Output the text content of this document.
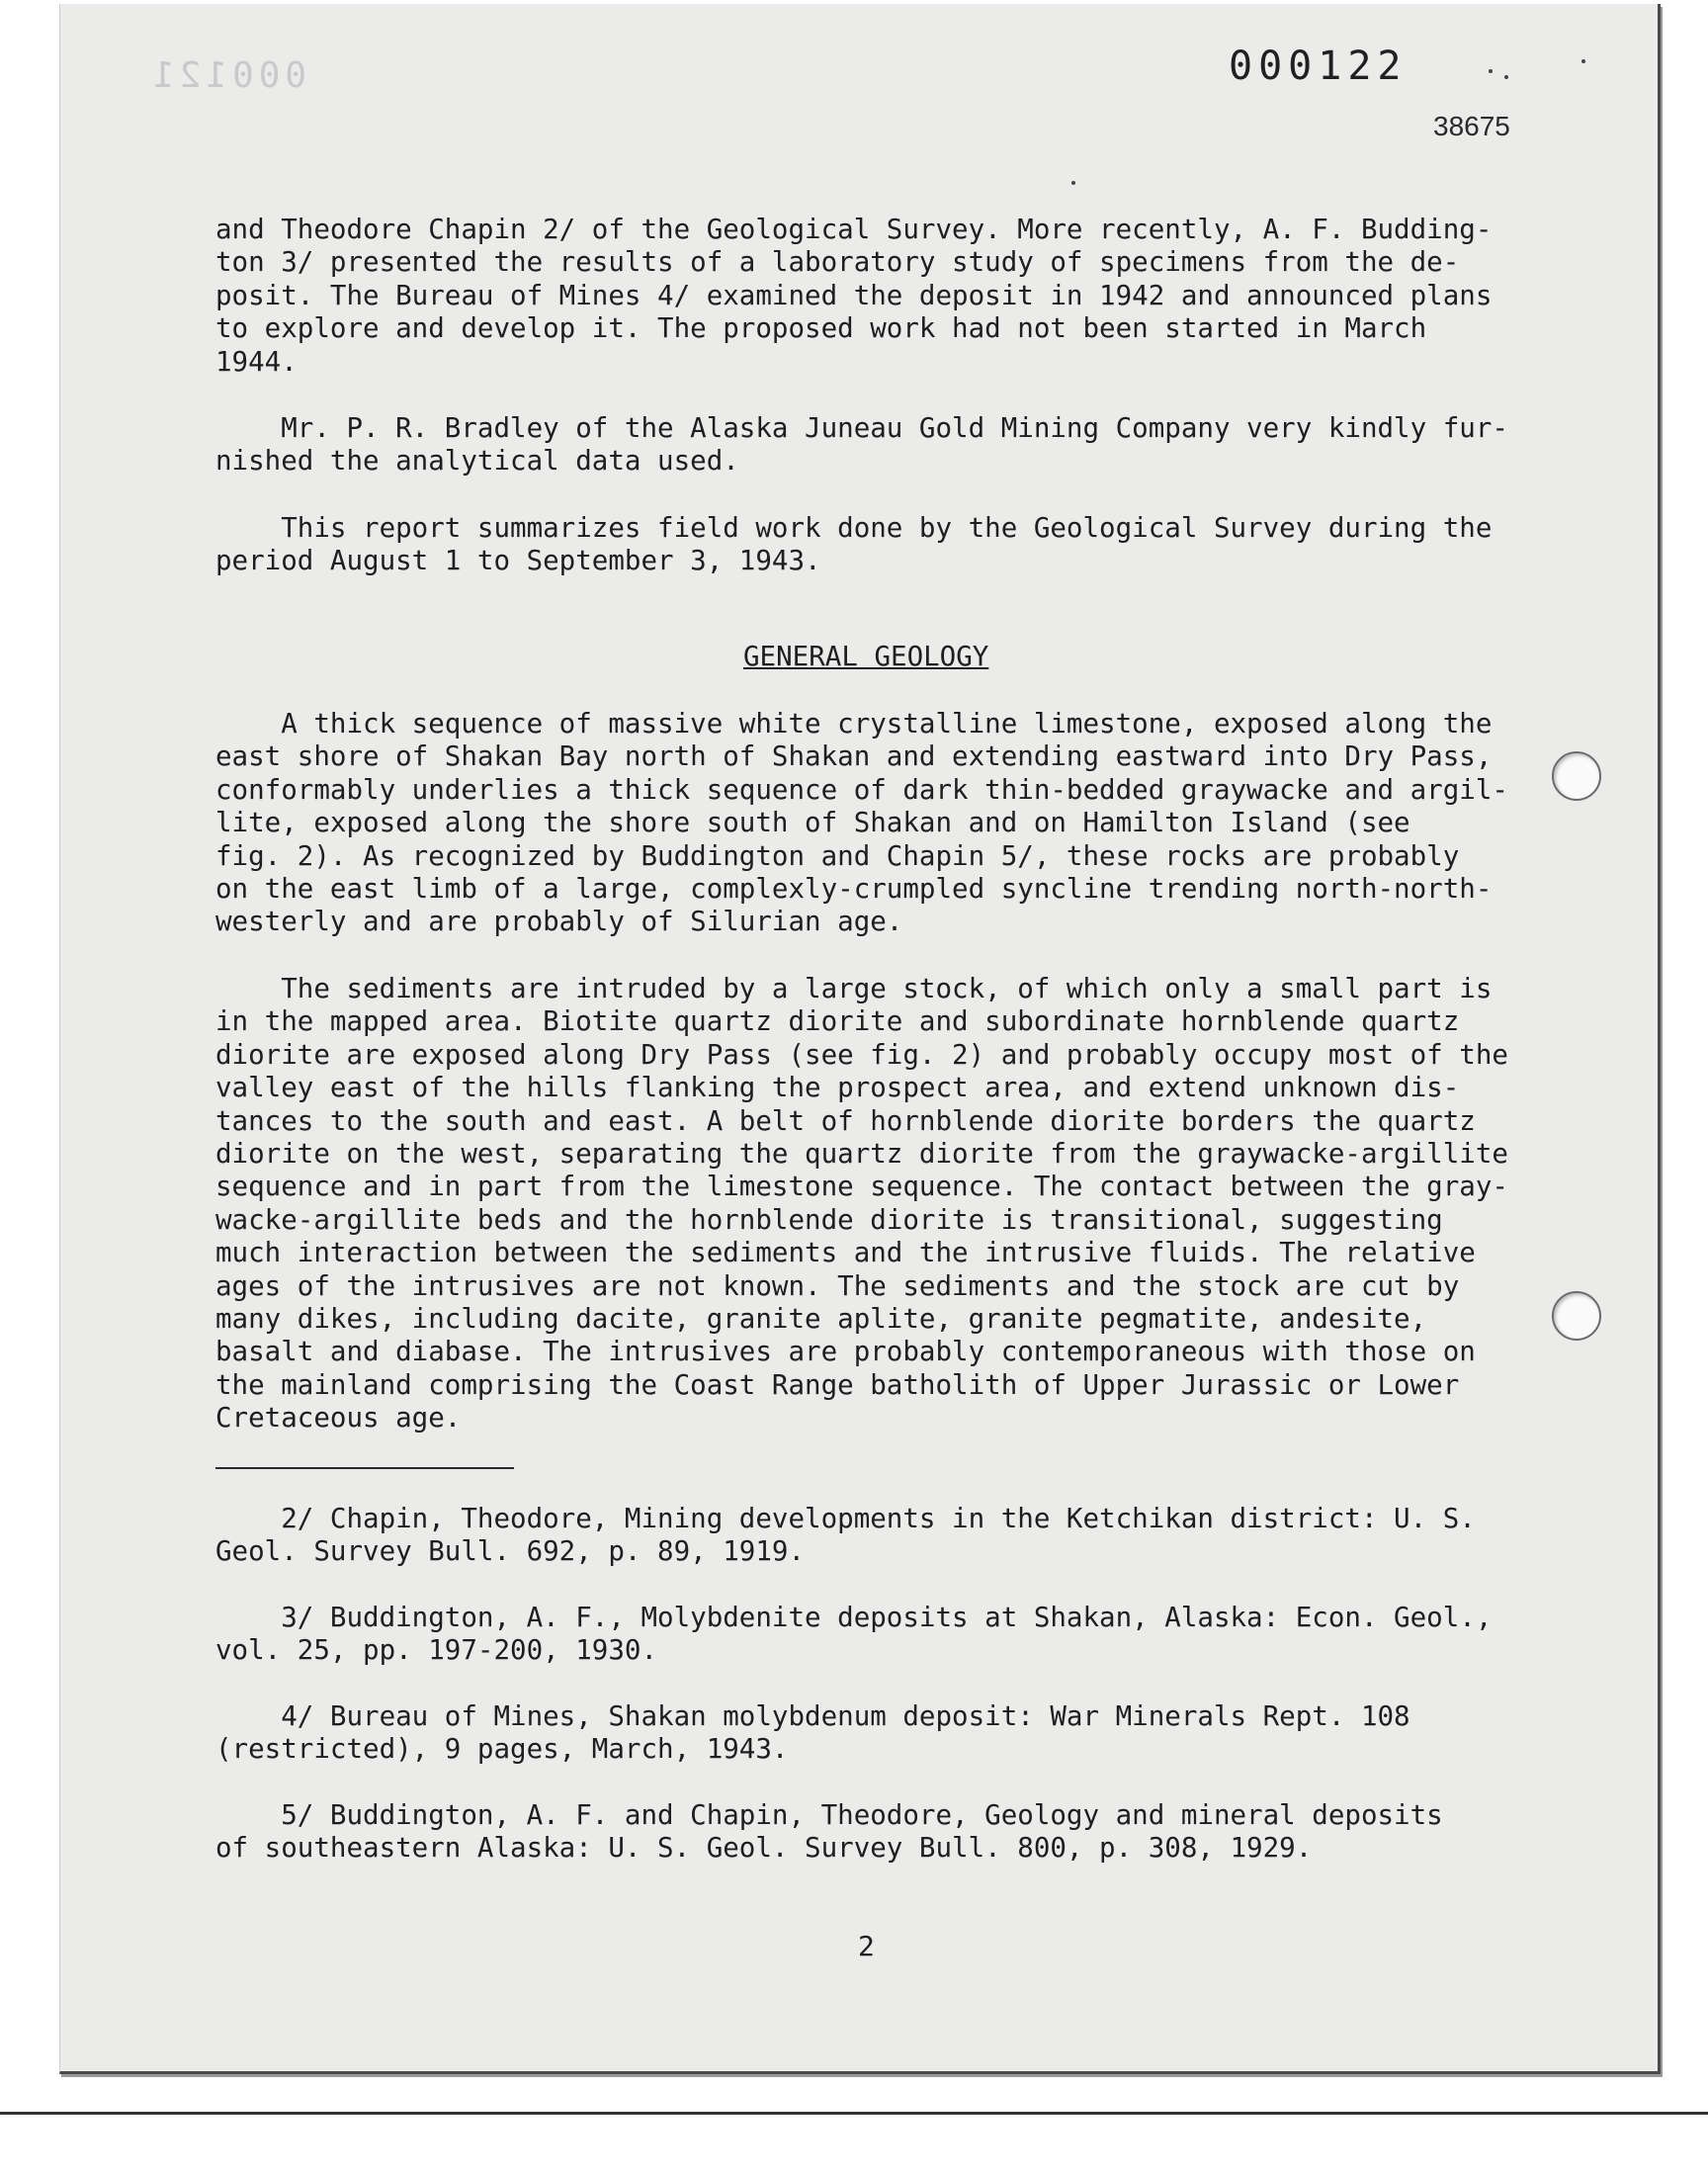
000121	000122
38675
and Theodore Chapin 2/ of the Geological Survey. More recently, A. F. Budding-
ton 3/ presented the results of a laboratory study of specimens from the de-
posit. The Bureau of Mines 4/ examined the deposit in 1942 and announced plans
to explore and develop it. The proposed work had not been started in March
1944.
Mr. P. R. Bradley of the Alaska Juneau Gold Mining Company very kindly fur-
nished the analytical data used.
This report summarizes field work done by the Geological Survey during the
period August 1 to September 3, 1943.
GENERAL GEOLOGY
A thick sequence of massive white crystalline limestone, exposed along the
east shore of Shakan Bay north of Shakan and extending eastward into Dry Pass,
conformably underlies a thick sequence of dark thin-bedded graywacke and argil-
lite, exposed along the shore south of Shakan and on Hamilton Island (see
fig. 2). As recognized by Buddington and Chapin 5/, these rocks are probably
on the east limb of a large, complexly-crumpled syncline trending north-north-
westerly and are probably of Silurian age.
The sediments are intruded by a large stock, of which only a small part is
in the mapped area. Biotite quartz diorite and subordinate hornblende quartz
diorite are exposed along Dry Pass (see fig. 2) and probably occupy most of the
valley east of the hills flanking the prospect area, and extend unknown dis-
tances to the south and east. A belt of hornblende diorite borders the quartz
diorite on the west, separating the quartz diorite from the graywacke-argillite
sequence and in part from the limestone sequence. The contact between the gray-
wacke-argillite beds and the hornblende diorite is transitional, suggesting
much interaction between the sediments and the intrusive fluids. The relative
ages of the intrusives are not known. The sediments and the stock are cut by
many dikes, including dacite, granite aplite, granite pegmatite, andesite,
basalt and diabase. The intrusives are probably contemporaneous with those on
the mainland comprising the Coast Range batholith of Upper Jurassic or Lower
Cretaceous age.
2/ Chapin, Theodore, Mining developments in the Ketchikan district: U. S.
Geol. Survey Bull. 692, p. 89, 1919.
3/ Buddington, A. F., Molybdenite deposits at Shakan, Alaska: Econ. Geol.,
vol. 25, pp. 197-200, 1930.
4/ Bureau of Mines, Shakan molybdenum deposit: War Minerals Rept. 108
(restricted), 9 pages, March, 1943.
5/ Buddington, A. F. and Chapin, Theodore, Geology and mineral deposits
of southeastern Alaska: U. S. Geol. Survey Bull. 800, p. 308, 1929.
2
